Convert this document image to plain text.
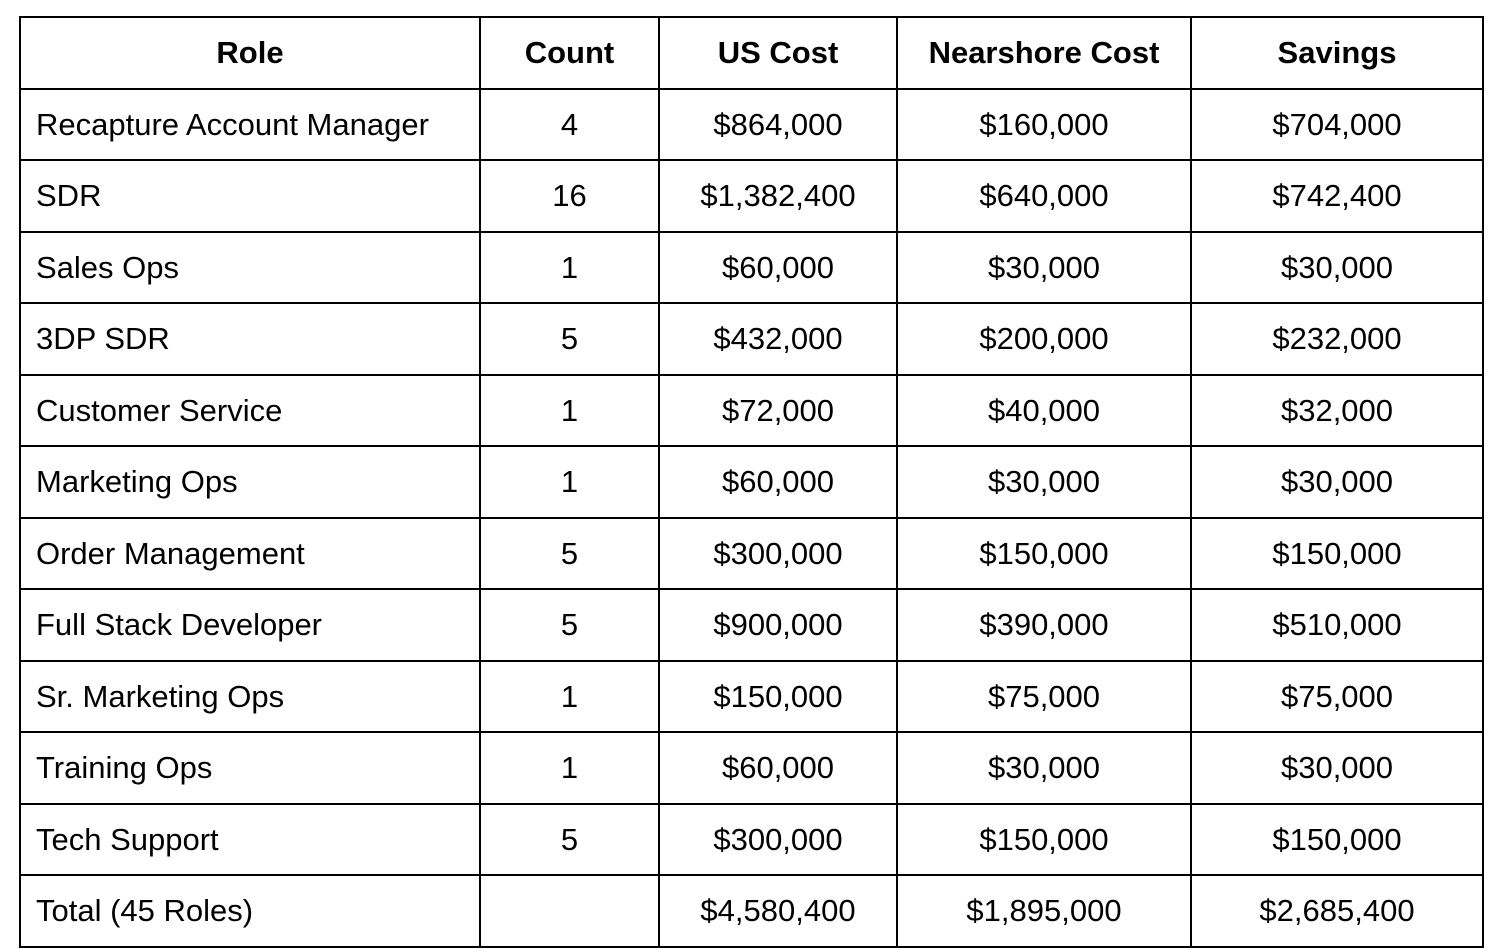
Role	Count	US Cost	Nearshore Cost	Savings
Recapture Account Manager	4	$864,000	$160,000	$704,000
SDR	16	$1,382,400	$640,000	$742,400
Sales Ops	1	$60,000	$30,000	$30,000
3DP SDR	5	$432,000	$200,000	$232,000
Customer Service	1	$72,000	$40,000	$32,000
Marketing Ops	1	$60,000	$30,000	$30,000
Order Management	5	$300,000	$150,000	$150,000
Full Stack Developer	5	$900,000	$390,000	$510,000
Sr. Marketing Ops	1	$150,000	$75,000	$75,000
Training Ops	1	$60,000	$30,000	$30,000
Tech Support	5	$300,000	$150,000	$150,000
Total (45 Roles)		$4,580,400	$1,895,000	$2,685,400
